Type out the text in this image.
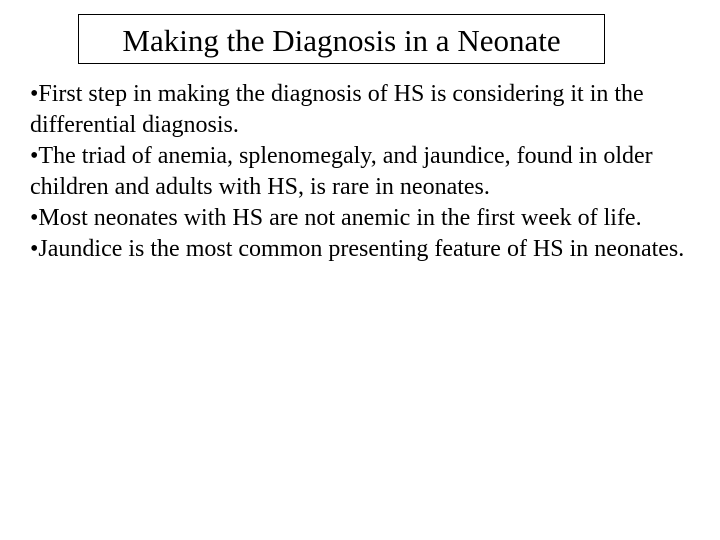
Making the Diagnosis in a Neonate
•First step in making the diagnosis of HS is considering it in the differential diagnosis.
•The triad of anemia, splenomegaly, and jaundice, found in older children and adults with HS, is rare in neonates.
•Most neonates with HS are not anemic in the first week of life.
•Jaundice is the most common presenting feature of HS in neonates.
